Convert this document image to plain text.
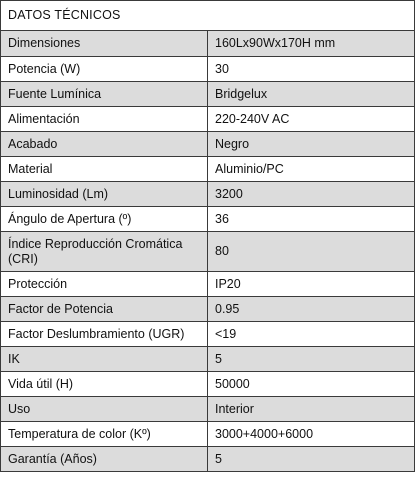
DATOS TÉCNICOS	
Dimensiones	160Lx90Wx170H mm
Potencia (W)	30
Fuente Lumínica	Bridgelux
Alimentación	220-240V AC
Acabado	Negro
Material	Aluminio/PC
Luminosidad (Lm)	3200
Ángulo de Apertura (º)	36
Índice Reproducción Cromática (CRI)	80
Protección	IP20
Factor de Potencia	0.95
Factor Deslumbramiento (UGR)	<19
IK	5
Vida útil (H)	50000
Uso	Interior
Temperatura de color (Kº)	3000+4000+6000
Garantía (Años)	5
